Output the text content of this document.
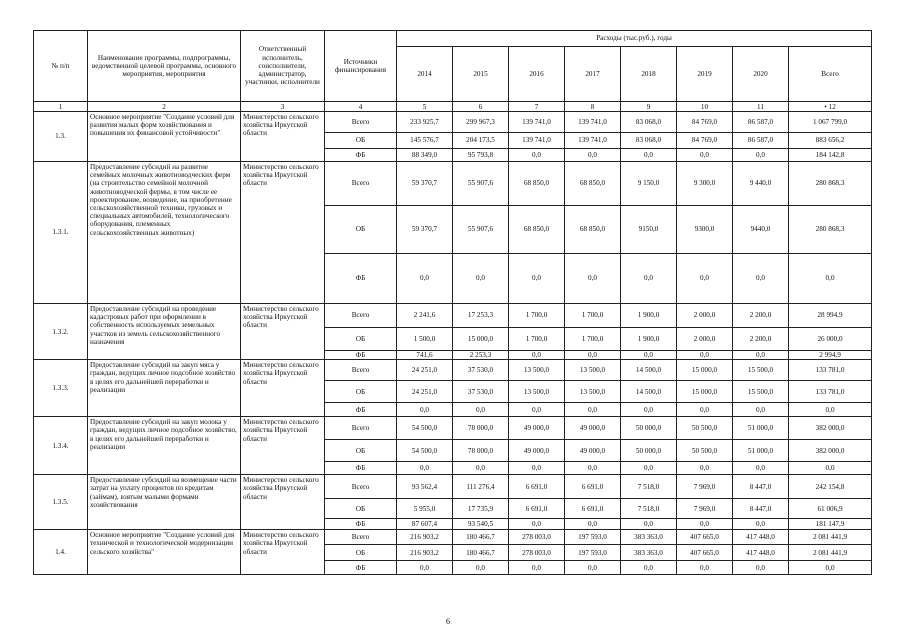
№ п/п	Наименование программы, подпрограммы, ведомственной целевой программы, основного мероприятия, мероприятия	Ответственный исполнитель, соисполнители, администратор, участники, исполнители	Источники финансирования	Расходы (тыс.руб.), годы							
				2014	2015	2016	2017	2018	2019	2020	Всего
1	2	3	4	5	6	7	8	9	10	11	• 12
1.3.	Основное мероприятие "Создание условий для развития малых форм хозяйствования и повышения их финансовой устойчивости"	Министерство сельского хозяйства Иркутской области	Всего	233 925,7	299 967,3	139 741,0	139 741,0	83 068,0	84 769,0	86 587,0	1 067 799,0
			ОБ	145 576,7	204 173,5	139 741,0	139 741,0	83 068,0	84 769,0	86 587,0	883 656,2
			ФБ	88 349,0	95 793,8	0,0	0,0	0,0	0,0	0,0	184 142,8
1.3.1.	Предоставление субсидий на развитие семейных молочных животноводческих ферм (на строительство семейной молочной животноводческой фермы, в том числе ее проектирование, возведение, на приобретение сельскохозяйственной техники, грузовых и специальных автомобилей, технологического оборудования, племенных сельскохозяйственных животных)	Министерство сельского хозяйства Иркутской области	Всего	59 370,7	55 907,6	68 850,0	68 850,0	9 150,0	9 300,0	9 440,0	280 868,3
			ОБ	59 370,7	55 907,6	68 850,0	68 850,0	9150,0	9300,0	9440,0	280 868,3
			ФБ	0,0	0,0	0,0	0,0	0,0	0,0	0,0	0,0
1.3.2.	Предоставление субсидий на проведение кадастровых работ при оформлении в собственность используемых земельных участков из земель сельскохозяйственного назначения	Министерство сельского хозяйства Иркутской области	Всего	2 241,6	17 253,3	1 700,0	1 700,0	1 900,0	2 000,0	2 200,0	28 994,9
			ОБ	1 500,0	15 000,0	1 700,0	1 700,0	1 900,0	2 000,0	2 200,0	26 000,0
			ФБ	741,6	2 253,3	0,0	0,0	0,0	0,0	0,0	2 994,9
1.3.3.	Предоставление субсидий на закуп мяса у граждан, ведущих личное подсобное хозяйство в целях его дальнейшей переработки и реализации	Министерство сельского хозяйства Иркутской области	Всего	24 251,0	37 530,0	13 500,0	13 500,0	14 500,0	15 000,0	15 500,0	133 781,0
			ОБ	24 251,0	37 530,0	13 500,0	13 500,0	14 500,0	15 000,0	15 500,0	133 781,0
			ФБ	0,0	0,0	0,0	0,0	0,0	0,0	0,0	0,0
1.3.4.	Предоставление субсидий на закуп молока у граждан, ведущих личное подсобное хозяйство, в целях его дальнейшей переработки и реализации	Министерство сельского хозяйства Иркутской области	Всего	54 500,0	78 000,0	49 000,0	49 000,0	50 000,0	50 500,0	51 000,0	382 000,0
			ОБ	54 500,0	78 000,0	49 000,0	49 000,0	50 000,0	50 500,0	51 000,0	382 000,0
			ФБ	0,0	0,0	0,0	0,0	0,0	0,0	0,0	0,0
1.3.5.	Предоставление субсидий на возмещение части затрат на уплату процентов по кредитам (займам), взятым малыми формами хозяйствования	Министерство сельского хозяйства Иркутской области	Всего	93 562,4	111 276,4	6 691,0	6 691,0	7 518,0	7 969,0	8 447,0	242 154,8
			ОБ	5 955,0	17 735,9	6 691,0	6 691,0	7 518,0	7 969,0	8 447,0	61 006,9
			ФБ	87 607,4	93 540,5	0,0	0,0	0,0	0,0	0,0	181 147,9
1.4.	Основное мероприятие "Создание условий для технической и технологической модернизации сельского хозяйства"	Министерство сельского хозяйства Иркутской области	Всего	216 903,2	180 466,7	278 003,0	197 593,0	383 363,0	407 665,0	417 448,0	2 081 441,9
			ОБ	216 903,2	180 466,7	278 003,0	197 593,0	383 363,0	407 665,0	417 448,0	2 081 441,9
			ФБ	0,0	0,0	0,0	0,0	0,0	0,0	0,0	0,0
6
